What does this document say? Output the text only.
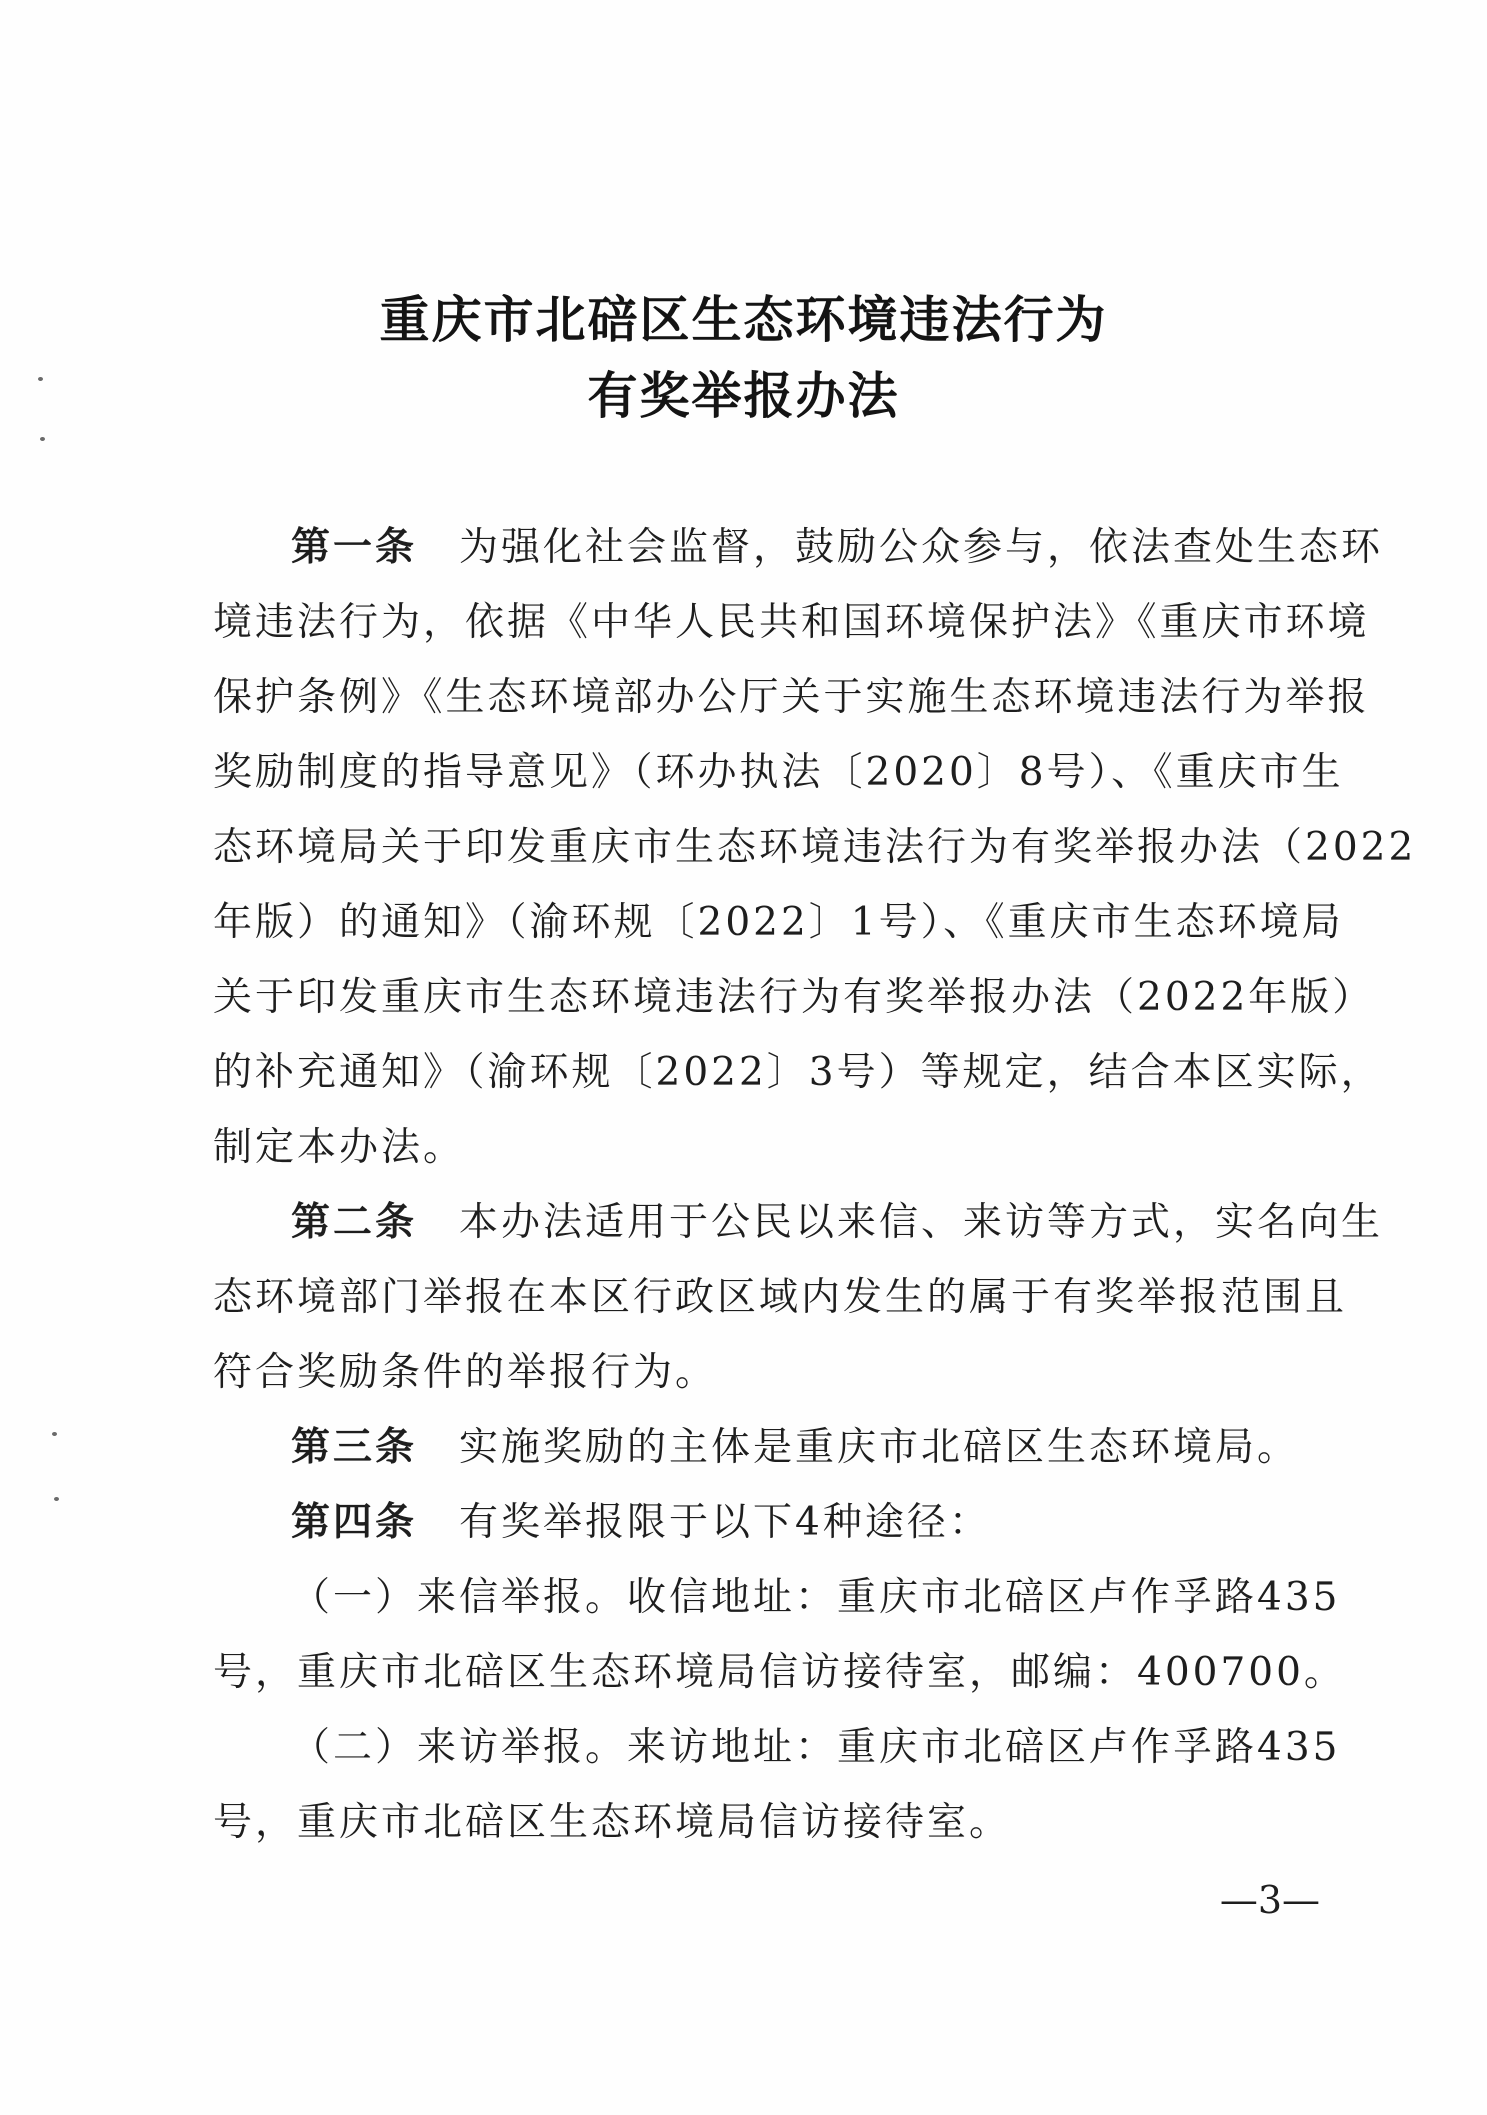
重庆市北碚区生态环境违法行为
有奖举报办法
第一条 为强化社会监督，鼓励公众参与，依法查处生态环
境违法行为，依据《中华人民共和国环境保护法》《重庆市环境
保护条例》《生态环境部办公厅关于实施生态环境违法行为举报
奖励制度的指导意见》（环办执法〔2020〕8号）、《重庆市生
态环境局关于印发重庆市生态环境违法行为有奖举报办法（2022
年版）的通知》（渝环规〔2022〕1号）、《重庆市生态环境局
关于印发重庆市生态环境违法行为有奖举报办法（2022年版）
的补充通知》（渝环规〔2022〕3号）等规定，结合本区实际，
制定本办法。
第二条 本办法适用于公民以来信、来访等方式，实名向生
态环境部门举报在本区行政区域内发生的属于有奖举报范围且
符合奖励条件的举报行为。
第三条 实施奖励的主体是重庆市北碚区生态环境局。
第四条 有奖举报限于以下4种途径：
（一）来信举报。收信地址：重庆市北碚区卢作孚路435
号，重庆市北碚区生态环境局信访接待室，邮编：400700。
（二）来访举报。来访地址：重庆市北碚区卢作孚路435
号，重庆市北碚区生态环境局信访接待室。
—3—
